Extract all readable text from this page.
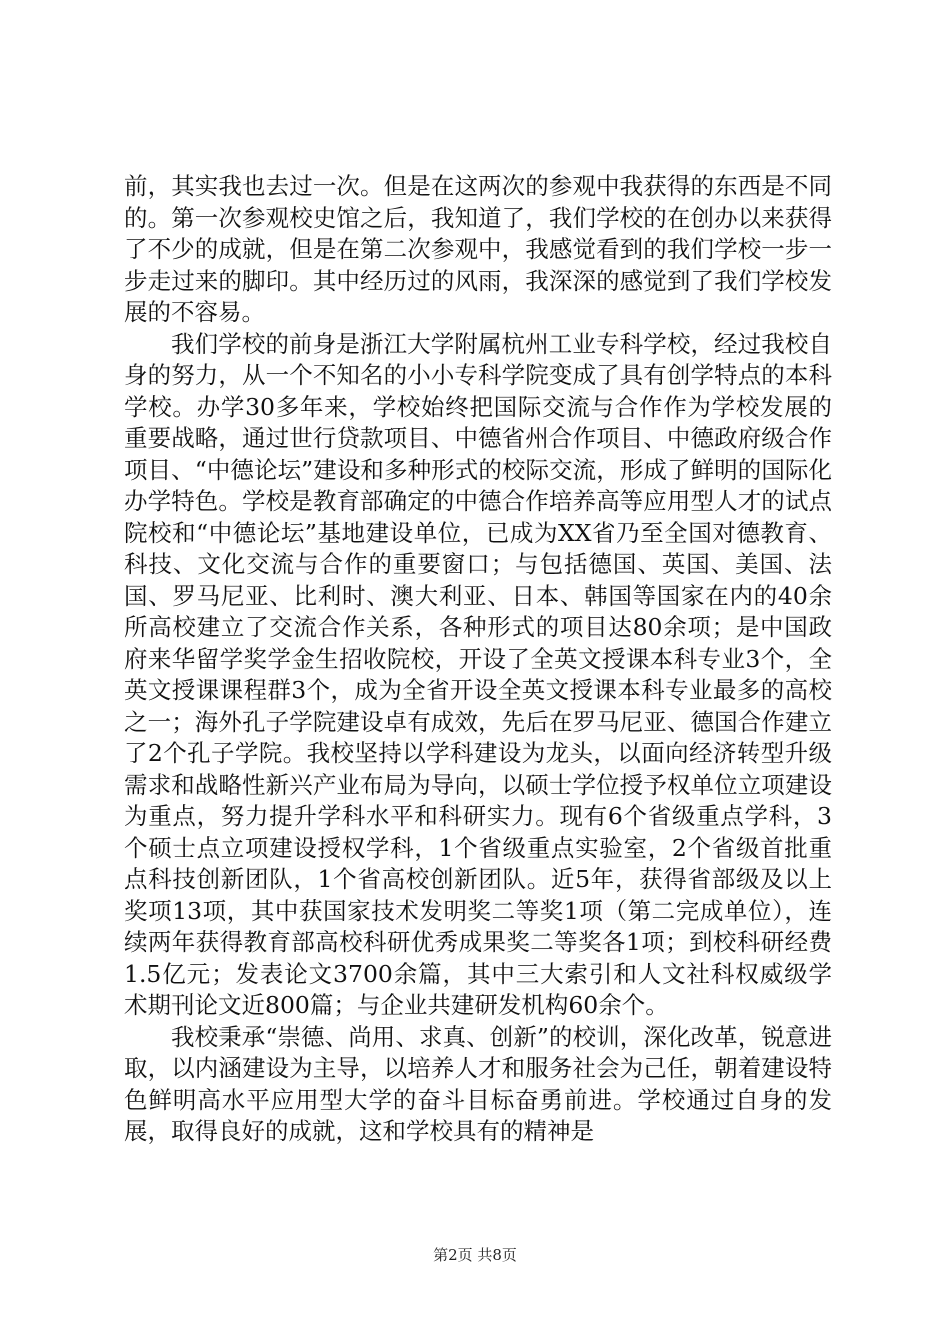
前，其实我也去过一次。但是在这两次的参观中我获得的东西是不同的。第一次参观校史馆之后，我知道了，我们学校的在创办以来获得了不少的成就，但是在第二次参观中，我感觉看到的我们学校一步一步走过来的脚印。其中经历过的风雨，我深深的感觉到了我们学校发展的不容易。

我们学校的前身是浙江大学附属杭州工业专科学校，经过我校自身的努力，从一个不知名的小小专科学院变成了具有创学特点的本科学校。办学30多年来，学校始终把国际交流与合作作为学校发展的重要战略，通过世行贷款项目、中德省州合作项目、中德政府级合作项目、“中德论坛”建设和多种形式的校际交流，形成了鲜明的国际化办学特色。学校是教育部确定的中德合作培养高等应用型人才的试点院校和“中德论坛”基地建设单位，已成为XX省乃至全国对德教育、科技、文化交流与合作的重要窗口；与包括德国、英国、美国、法国、罗马尼亚、比利时、澳大利亚、日本、韩国等国家在内的40余所高校建立了交流合作关系，各种形式的项目达80余项；是中国政府来华留学奖学金生招收院校，开设了全英文授课本科专业3个，全英文授课课程群3个，成为全省开设全英文授课本科专业最多的高校之一；海外孔子学院建设卓有成效，先后在罗马尼亚、德国合作建立了2个孔子学院。我校坚持以学科建设为龙头，以面向经济转型升级需求和战略性新兴产业布局为导向，以硕士学位授予权单位立项建设为重点，努力提升学科水平和科研实力。现有6个省级重点学科，3个硕士点立项建设授权学科，1个省级重点实验室，2个省级首批重点科技创新团队，1个省高校创新团队。近5年，获得省部级及以上奖项13项，其中获国家技术发明奖二等奖1项（第二完成单位），连续两年获得教育部高校科研优秀成果奖二等奖各1项；到校科研经费1.5亿元；发表论文3700余篇，其中三大索引和人文社科权威级学术期刊论文近800篇；与企业共建研发机构60余个。

我校秉承“崇德、尚用、求真、创新”的校训，深化改革，锐意进取，以内涵建设为主导，以培养人才和服务社会为己任，朝着建设特色鲜明高水平应用型大学的奋斗目标奋勇前进。学校通过自身的发展，取得良好的成就，这和学校具有的精神是

第2页 共8页
